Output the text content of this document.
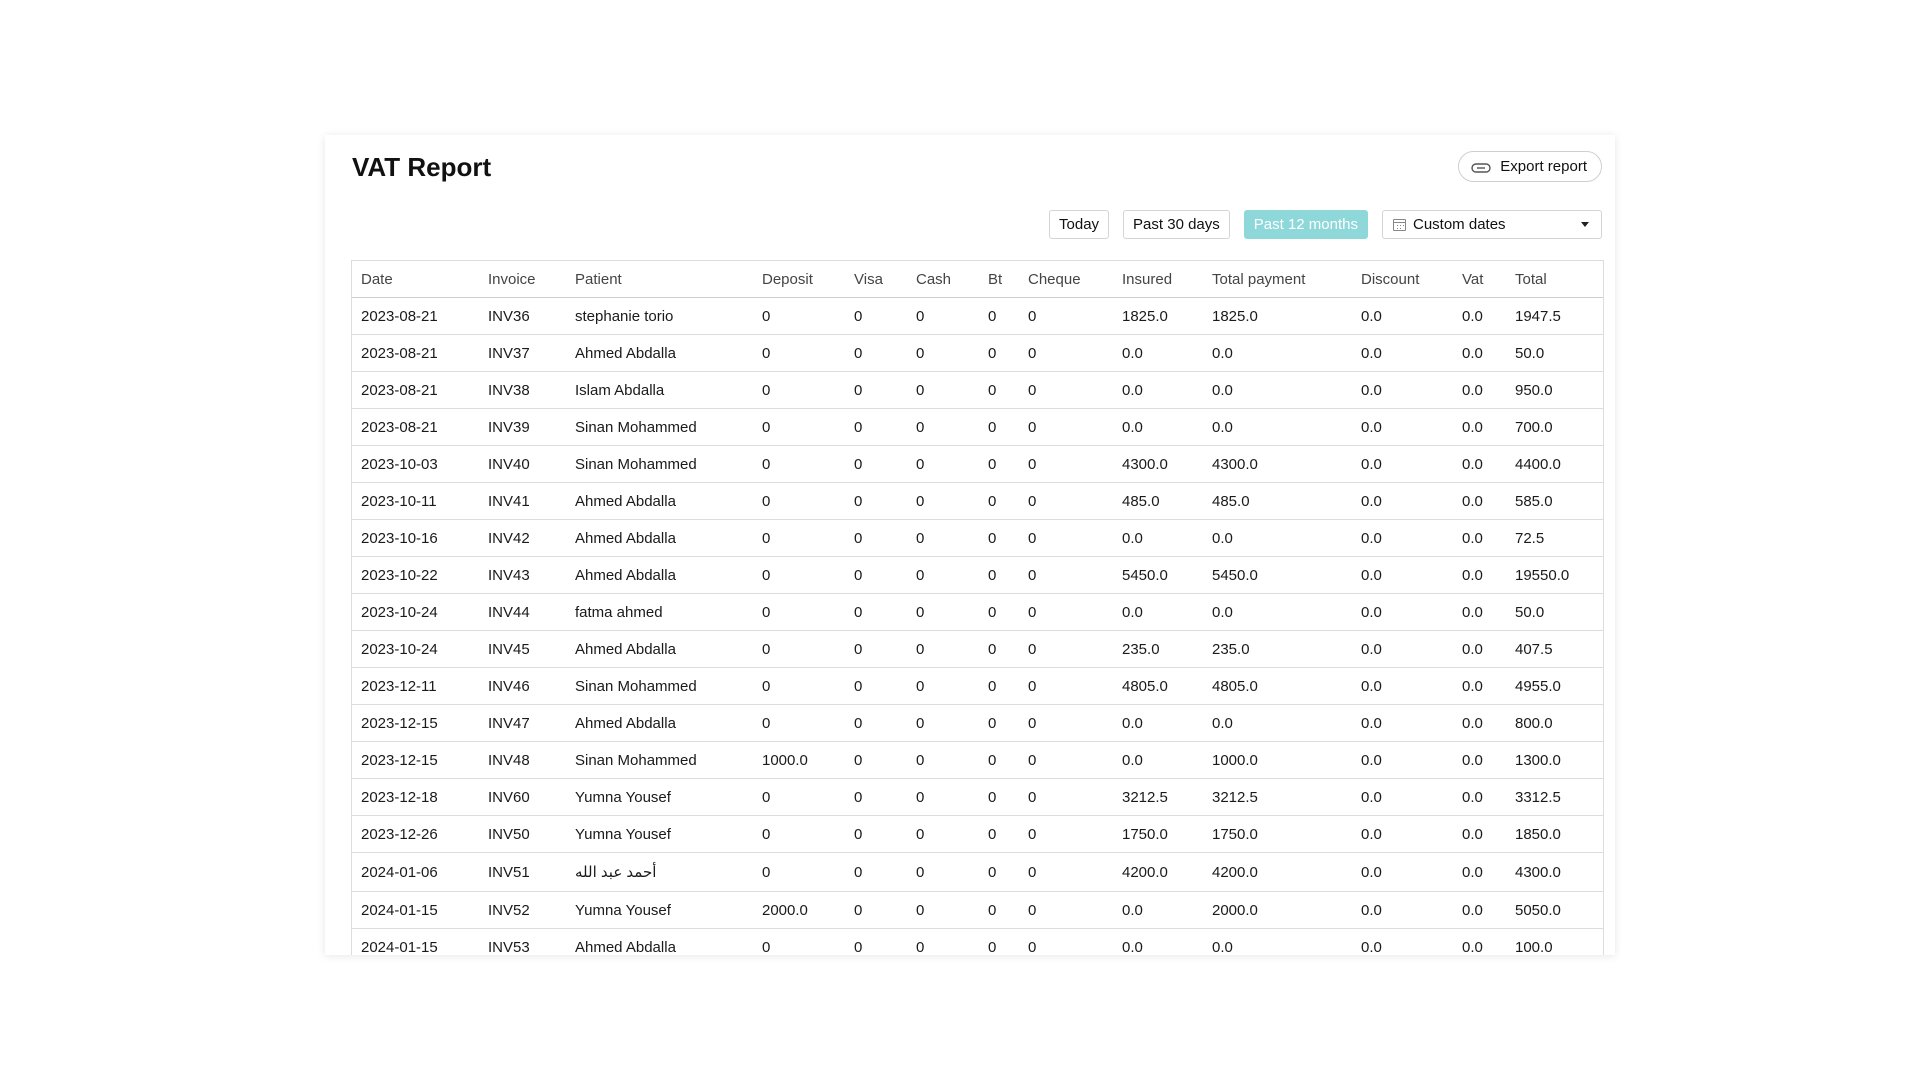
VAT Report	Export report
Today	Past 30 days	Past 12 months	Custom dates
Date	Invoice	Patient	Deposit	Visa	Cash	Bt	Cheque	Insured	Total payment	Discount	Vat	Total
2023-08-21	INV36	stephanie torio	0	0	0	0	0	1825.0	1825.0	0.0	0.0	1947.5
2023-08-21	INV37	Ahmed Abdalla	0	0	0	0	0	0.0	0.0	0.0	0.0	50.0
2023-08-21	INV38	Islam Abdalla	0	0	0	0	0	0.0	0.0	0.0	0.0	950.0
2023-08-21	INV39	Sinan Mohammed	0	0	0	0	0	0.0	0.0	0.0	0.0	700.0
2023-10-03	INV40	Sinan Mohammed	0	0	0	0	0	4300.0	4300.0	0.0	0.0	4400.0
2023-10-11	INV41	Ahmed Abdalla	0	0	0	0	0	485.0	485.0	0.0	0.0	585.0
2023-10-16	INV42	Ahmed Abdalla	0	0	0	0	0	0.0	0.0	0.0	0.0	72.5
2023-10-22	INV43	Ahmed Abdalla	0	0	0	0	0	5450.0	5450.0	0.0	0.0	19550.0
2023-10-24	INV44	fatma ahmed	0	0	0	0	0	0.0	0.0	0.0	0.0	50.0
2023-10-24	INV45	Ahmed Abdalla	0	0	0	0	0	235.0	235.0	0.0	0.0	407.5
2023-12-11	INV46	Sinan Mohammed	0	0	0	0	0	4805.0	4805.0	0.0	0.0	4955.0
2023-12-15	INV47	Ahmed Abdalla	0	0	0	0	0	0.0	0.0	0.0	0.0	800.0
2023-12-15	INV48	Sinan Mohammed	1000.0	0	0	0	0	0.0	1000.0	0.0	0.0	1300.0
2023-12-18	INV60	Yumna Yousef	0	0	0	0	0	3212.5	3212.5	0.0	0.0	3312.5
2023-12-26	INV50	Yumna Yousef	0	0	0	0	0	1750.0	1750.0	0.0	0.0	1850.0
2024-01-06	INV51	أحمد عبد الله	0	0	0	0	0	4200.0	4200.0	0.0	0.0	4300.0
2024-01-15	INV52	Yumna Yousef	2000.0	0	0	0	0	0.0	2000.0	0.0	0.0	5050.0
2024-01-15	INV53	Ahmed Abdalla	0	0	0	0	0	0.0	0.0	0.0	0.0	100.0
